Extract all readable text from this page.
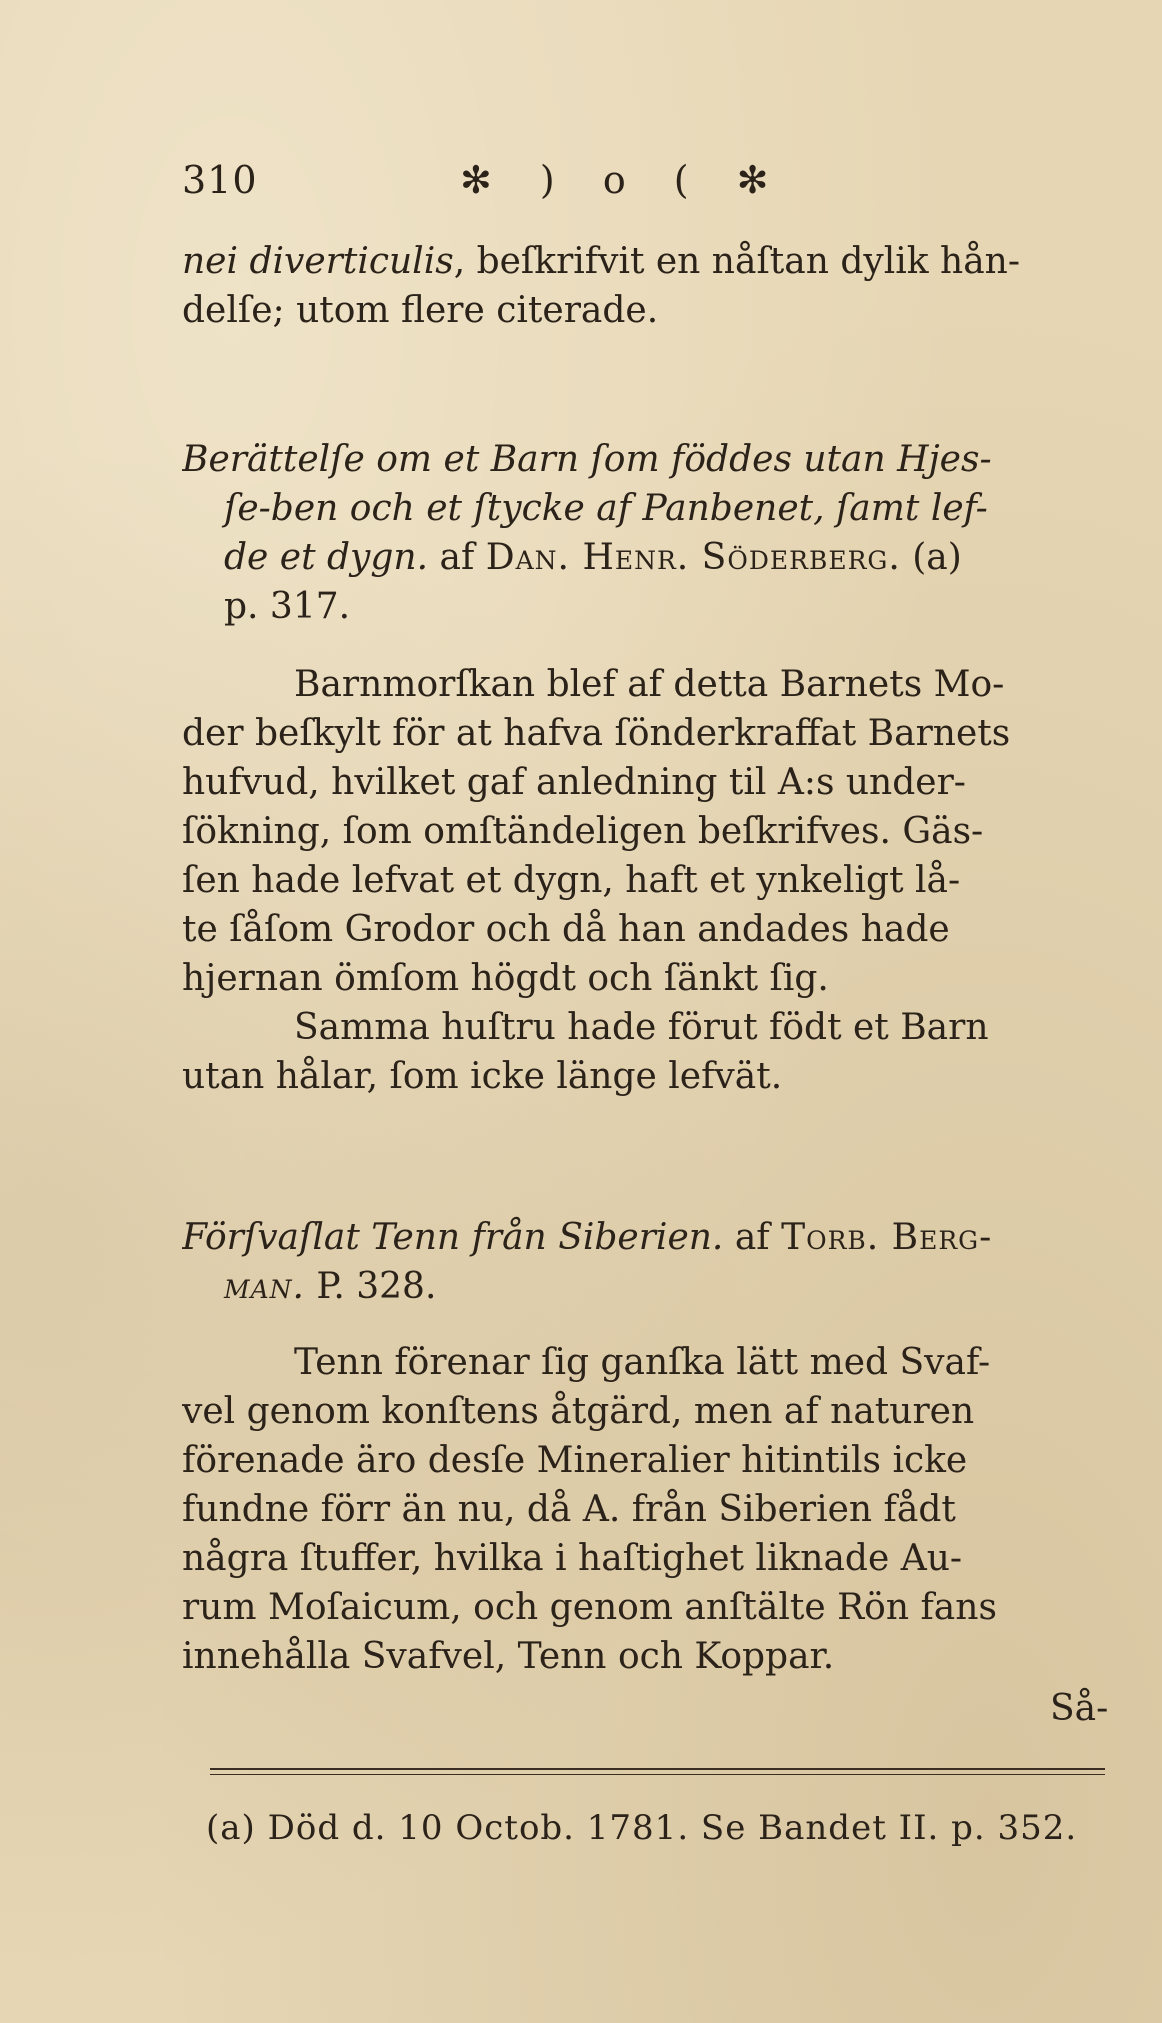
310	✻ ) o ( ✻
nei diverticulis, beſkrifvit en nåſtan dylik hån-
delſe; utom flere citerade.
Berättelſe om et Barn ſom föddes utan Hjes-
ſe-ben och et ſtycke af Panbenet, ſamt lef-
de et dygn. af Dan. Henr. Söderberg. (a)
p. 317.
Barnmorſkan blef af detta Barnets Mo-
der beſkylt för at hafva ſönderkraffat Barnets
hufvud, hvilket gaf anledning til A:s under-
ſökning, ſom omſtändeligen beſkrifves. Gäs-
ſen hade lefvat et dygn, haft et ynkeligt lå-
te ſåſom Grodor och då han andades hade
hjernan ömſom högdt och ſänkt ſig.
Samma huſtru hade förut födt et Barn
utan hålar, ſom icke länge lefvät.
Förſvaſlat Tenn från Siberien. af Torb. Berg-
man. P. 328.
Tenn förenar ſig ganſka lätt med Svaf-
vel genom konſtens åtgärd, men af naturen
förenade äro desſe Mineralier hitintils icke
fundne förr än nu, då A. från Siberien fådt
några ſtuffer, hvilka i haſtighet liknade Au-
rum Moſaicum, och genom anſtälte Rön fans
innehålla Svafvel, Tenn och Koppar.
Så-
(a) Död d. 10 Octob. 1781. Se Bandet II. p. 352.
